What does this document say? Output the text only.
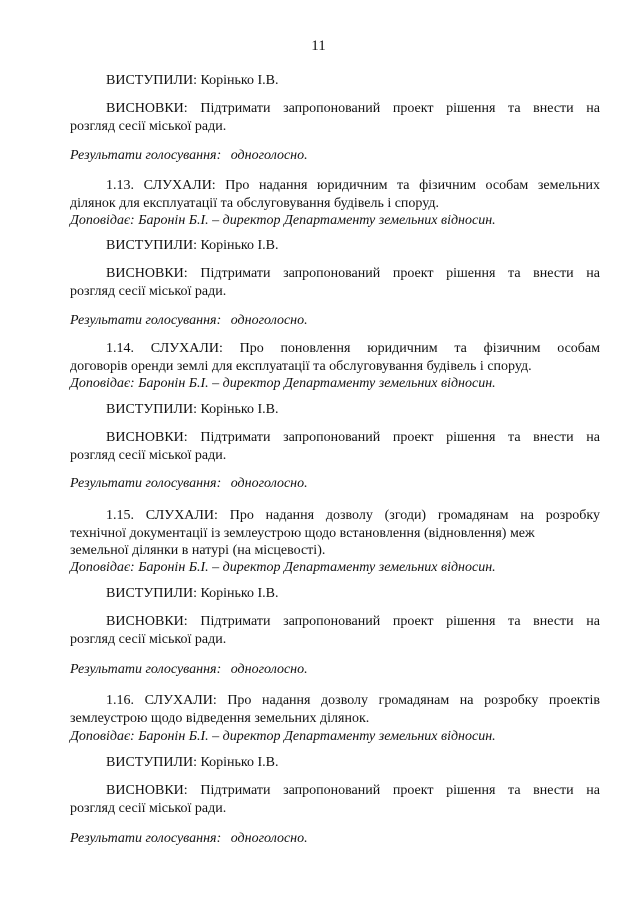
11
ВИСТУПИЛИ: Корінько І.В.
ВИСНОВКИ: Підтримати запропонований проект рішення та внести на
розгляд сесії міської ради.
Результати голосування: одноголосно.
1.13. СЛУХАЛИ: Про надання юридичним та фізичним особам земельних
ділянок для експлуатації та обслуговування будівель і споруд.
Доповідає: Баронін Б.І. – директор Департаменту земельних відносин.
ВИСТУПИЛИ: Корінько І.В.
ВИСНОВКИ: Підтримати запропонований проект рішення та внести на
розгляд сесії міської ради.
Результати голосування: одноголосно.
1.14. СЛУХАЛИ: Про поновлення юридичним та фізичним особам
договорів оренди землі для експлуатації та обслуговування будівель і споруд.
Доповідає: Баронін Б.І. – директор Департаменту земельних відносин.
ВИСТУПИЛИ: Корінько І.В.
ВИСНОВКИ: Підтримати запропонований проект рішення та внести на
розгляд сесії міської ради.
Результати голосування: одноголосно.
1.15. СЛУХАЛИ: Про надання дозволу (згоди) громадянам на розробку
технічної документації із землеустрою щодо встановлення (відновлення) меж
земельної ділянки в натурі (на місцевості).
Доповідає: Баронін Б.І. – директор Департаменту земельних відносин.
ВИСТУПИЛИ: Корінько І.В.
ВИСНОВКИ: Підтримати запропонований проект рішення та внести на
розгляд сесії міської ради.
Результати голосування: одноголосно.
1.16. СЛУХАЛИ: Про надання дозволу громадянам на розробку проектів
землеустрою щодо відведення земельних ділянок.
Доповідає: Баронін Б.І. – директор Департаменту земельних відносин.
ВИСТУПИЛИ: Корінько І.В.
ВИСНОВКИ: Підтримати запропонований проект рішення та внести на
розгляд сесії міської ради.
Результати голосування: одноголосно.
